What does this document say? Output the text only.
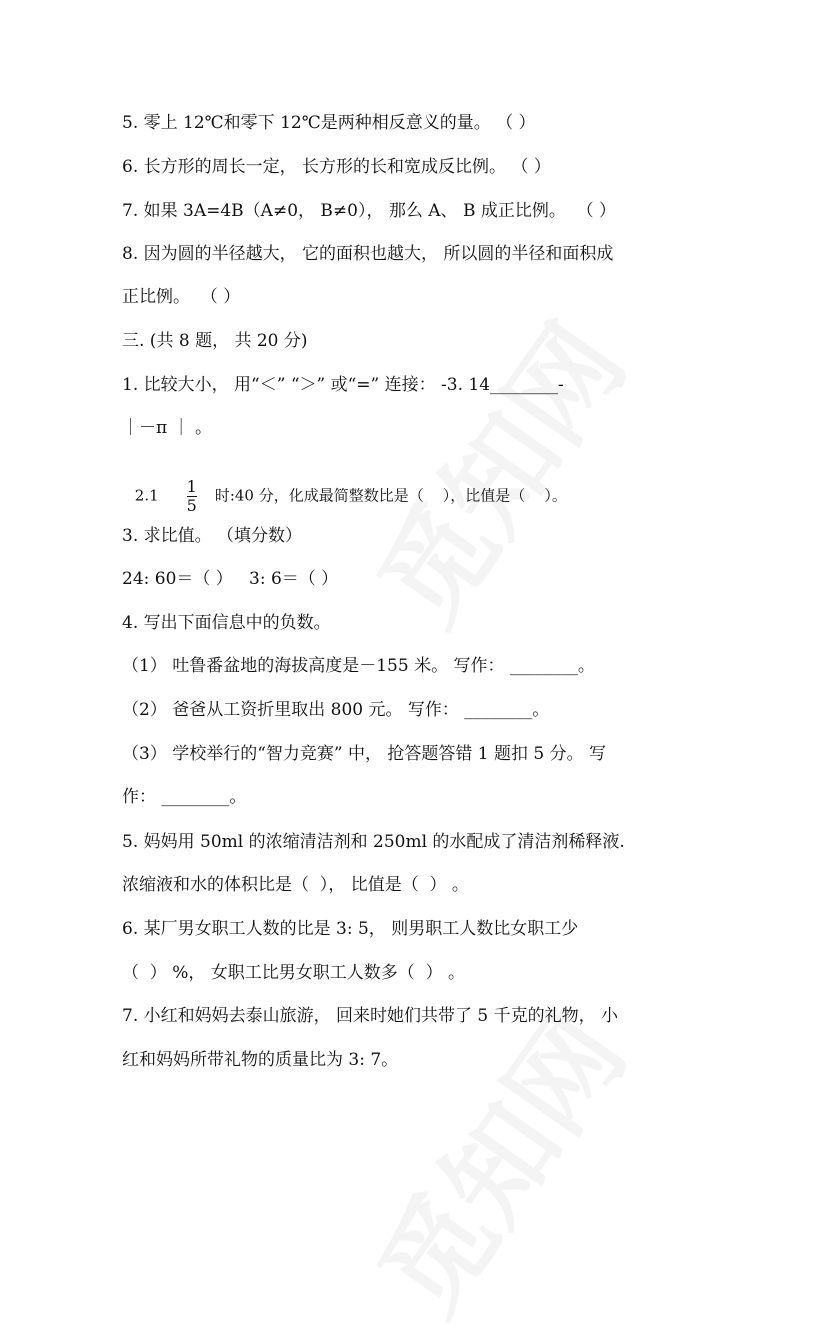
5. 零上 12℃和零下 12℃是两种相反意义的量。 （ ）
6. 长方形的周长一定， 长方形的长和宽成反比例。 （ ）
7. 如果 3A=4B（A≠0， B≠0）， 那么 A、 B 成正比例。  （ ）
8. 因为圆的半径越大， 它的面积也越大， 所以圆的半径和面积成
正比例。  （ ）
三. (共 8 题， 共 20 分)
1. 比较大小， 用“＜” “＞” 或“=” 连接： -3. 14________-
｜－π ｜ 。

$2.1 \frac{1}{5}$ 时:40 分，化成最简整数比是（    ），比值是（    ）。

3. 求比值。 （填分数）
24: 60＝（ ）   3: 6＝（ ）
4. 写出下面信息中的负数。
（1） 吐鲁番盆地的海拔高度是－155 米。 写作： ________。
（2） 爸爸从工资折里取出 800 元。 写作： ________。
（3） 学校举行的“智力竞赛” 中， 抢答题答错 1 题扣 5 分。 写
作： ________。
5. 妈妈用 50ml 的浓缩清洁剂和 250ml 的水配成了清洁剂稀释液.
浓缩液和水的体积比是（  ）， 比值是（  ） 。
6. 某厂男女职工人数的比是 3: 5， 则男职工人数比女职工少
（  ） %， 女职工比男女职工人数多（  ） 。
7. 小红和妈妈去泰山旅游， 回来时她们共带了 5 千克的礼物， 小
红和妈妈所带礼物的质量比为 3: 7。
